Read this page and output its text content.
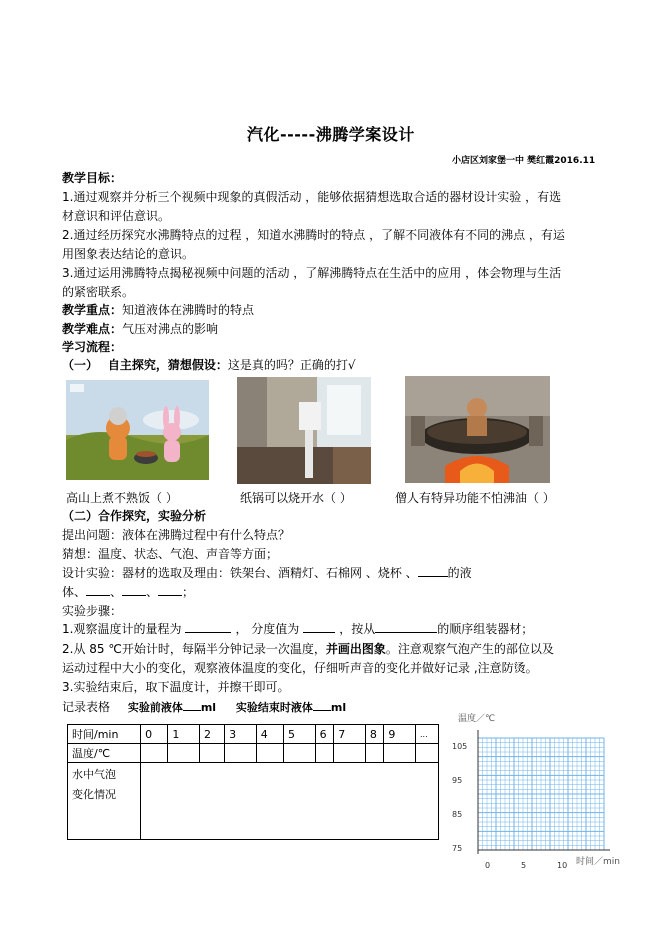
汽化-----沸腾学案设计
小店区刘家堡一中 樊红霞2016.11
教学目标：
1.通过观察并分析三个视频中现象的真假活动 ，能够依据猜想选取合适的器材设计实验 ，有选
材意识和评估意识。
2.通过经历探究水沸腾特点的过程 ，知道水沸腾时的特点 ，了解不同液体有不同的沸点 ，有运
用图象表达结论的意识。
3.通过运用沸腾特点揭秘视频中问题的活动 ，了解沸腾特点在生活中的应用 ，体会物理与生活
的紧密联系。
教学重点：知道液体在沸腾时的特点
教学难点：气压对沸点的影响
学习流程：
（一） 自主探究，猜想假设：这是真的吗？正确的打√
高山上煮不熟饭（ ）	纸锅可以烧开水（ ）	僧人有特异功能不怕沸油（ ）
（二）合作探究，实验分析
提出问题：液体在沸腾过程中有什么特点？
猜想：温度、状态、气泡、声音等方面；
设计实验：器材的选取及理由：铁架台、酒精灯、石棉网 、烧杯 、	的液
体、 、 、 ；
实验步骤：
1.观察温度计的量程为	， 分度值为	，按从	的顺序组装器材；
2.从 85 ℃开始计时，每隔半分钟记录一次温度，并画出图象。注意观察气泡产生的部位以及
运动过程中大小的变化，观察液体温度的变化，仔细听声音的变化并做好记录 ,注意防烫。
3.实验结束后，取下温度计，并擦干即可。
记录表格 实验前液体 ml 实验结束时液体 ml
时间/min	0	1	2	3	4	5	6	7	8	9	...
温度/℃											

水中气泡
变化情况											

温度／℃
105
95
85
75
0	5	10 时间／min
